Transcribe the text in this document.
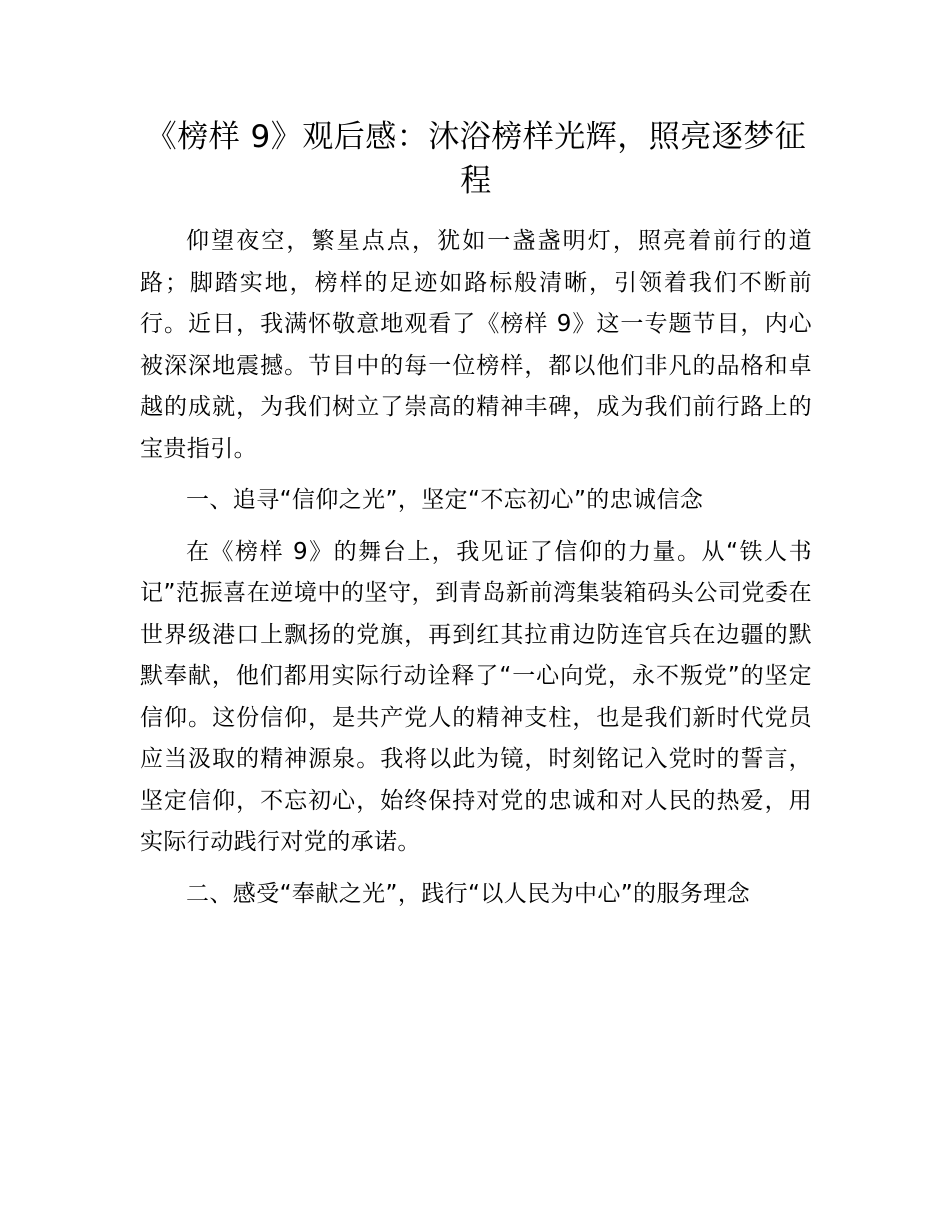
《榜样 9》观后感：沐浴榜样光辉，照亮逐梦征程

仰望夜空，繁星点点，犹如一盏盏明灯，照亮着前行的道路；脚踏实地，榜样的足迹如路标般清晰，引领着我们不断前行。近日，我满怀敬意地观看了《榜样 9》这一专题节目，内心被深深地震撼。节目中的每一位榜样，都以他们非凡的品格和卓越的成就，为我们树立了崇高的精神丰碑，成为我们前行路上的宝贵指引。

一、追寻“信仰之光”，坚定“不忘初心”的忠诚信念

在《榜样 9》的舞台上，我见证了信仰的力量。从“铁人书记”范振喜在逆境中的坚守，到青岛新前湾集装箱码头公司党委在世界级港口上飘扬的党旗，再到红其拉甫边防连官兵在边疆的默默奉献，他们都用实际行动诠释了“一心向党，永不叛党”的坚定信仰。这份信仰，是共产党人的精神支柱，也是我们新时代党员应当汲取的精神源泉。我将以此为镜，时刻铭记入党时的誓言，坚定信仰，不忘初心，始终保持对党的忠诚和对人民的热爱，用实际行动践行对党的承诺。

二、感受“奉献之光”，践行“以人民为中心”的服务理念
